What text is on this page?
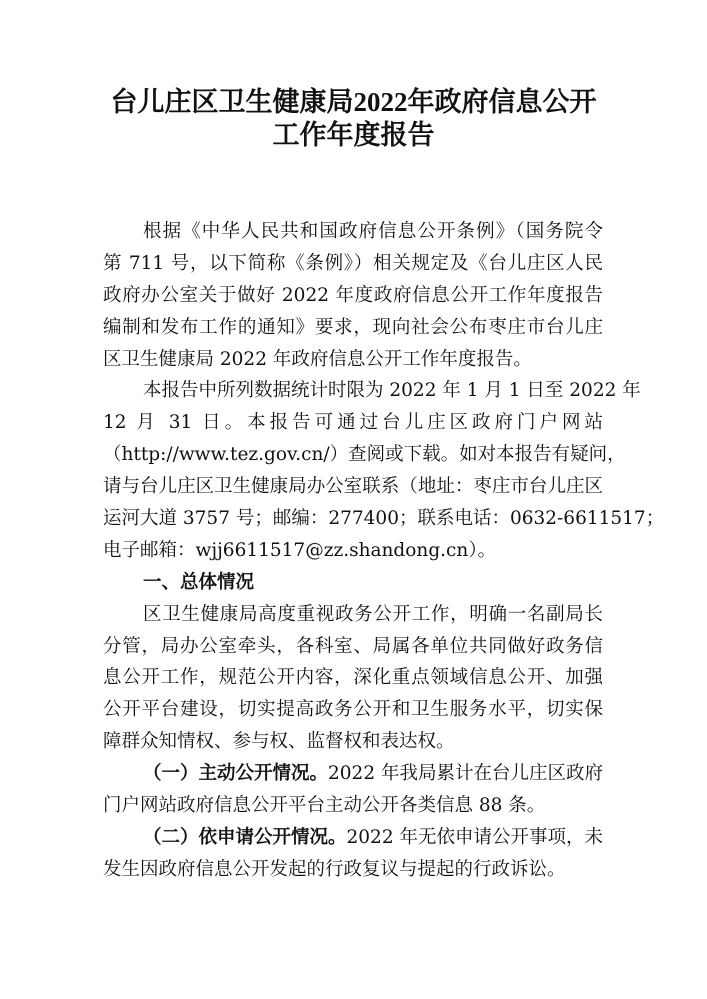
台儿庄区卫生健康局2022年政府信息公开
工作年度报告
根据《中华人民共和国政府信息公开条例》（国务院令
第 711 号，以下简称《条例》）相关规定及《台儿庄区人民
政府办公室关于做好 2022 年度政府信息公开工作年度报告
编制和发布工作的通知》要求，现向社会公布枣庄市台儿庄
区卫生健康局 2022 年政府信息公开工作年度报告。
本报告中所列数据统计时限为 2022 年 1 月 1 日至 2022 年
12 月 31 日。本报告可通过台儿庄区政府门户网站
（http://www.tez.gov.cn/）查阅或下载。如对本报告有疑问，
请与台儿庄区卫生健康局办公室联系（地址：枣庄市台儿庄区
运河大道 3757 号；邮编：277400；联系电话：0632-6611517；
电子邮箱：wjj6611517@zz.shandong.cn）。
一、总体情况
区卫生健康局高度重视政务公开工作，明确一名副局长
分管，局办公室牵头，各科室、局属各单位共同做好政务信
息公开工作，规范公开内容，深化重点领域信息公开、加强
公开平台建设，切实提高政务公开和卫生服务水平，切实保
障群众知情权、参与权、监督权和表达权。
（一）主动公开情况。2022 年我局累计在台儿庄区政府
门户网站政府信息公开平台主动公开各类信息 88 条。
（二）依申请公开情况。2022 年无依申请公开事项，未
发生因政府信息公开发起的行政复议与提起的行政诉讼。
